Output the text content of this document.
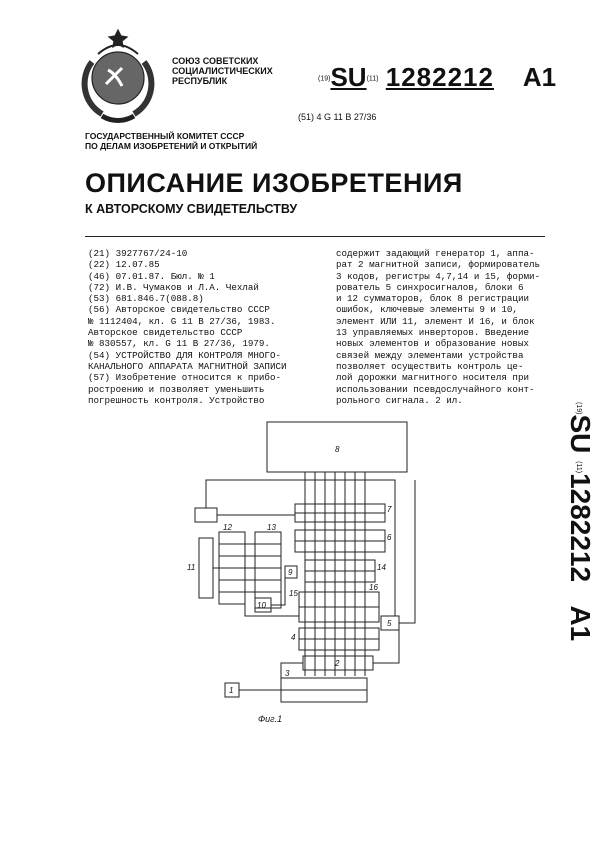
СОЮЗ СОВЕТСКИХ
СОЦИАЛИСТИЧЕСКИХ
РЕСПУБЛИК	(19)SU(11) 1282212 A1
(51) 4 G 11 B 27/36
ГОСУДАРСТВЕННЫЙ КОМИТЕТ СССР
ПО ДЕЛАМ ИЗОБРЕТЕНИЙ И ОТКРЫТИЙ
ОПИСАНИЕ ИЗОБРЕТЕНИЯ
К АВТОРСКОМУ СВИДЕТЕЛЬСТВУ
(21) 3927767/24-10
(22) 12.07.85
(46) 07.01.87. Бюл. № 1
(72) И.В. Чумаков и Л.А. Чехлай
(53) 681.846.7(088.8)
(56) Авторское свидетельство СССР
№ 1112404, кл. G 11 B 27/36, 1983.
Авторское свидетельство СССР
№ 830557, кл. G 11 B 27/36, 1979.
(54) УСТРОЙСТВО ДЛЯ КОНТРОЛЯ МНОГО-
КАНАЛЬНОГО АППАРАТА МАГНИТНОЙ ЗАПИСИ
(57) Изобретение относится к прибо-
ростроению и позволяет уменьшить
погрешность контроля. Устройство
содержит задающий генератор 1, аппа-
рат 2 магнитной записи, формирователь
3 кодов, регистры 4,7,14 и 15, форми-
рователь 5 синхросигналов, блоки 6
и 12 сумматоров, блок 8 регистрации
ошибок, ключевые элементы 9 и 10,
элемент ИЛИ 11, элемент И 16, и блок
13 управляемых инверторов. Введение
новых элементов и образование новых
связей между элементами устройства
позволяет осуществить контроль це-
лой дорожки магнитного носителя при
использовании псевдослучайного конт-
рольного сигнала. 2 ил.
(19)SU (11)1282212   A1
8
7
11
12	13
6
9
14
10
15
5
4
2
1
3
16
Фиг.1
